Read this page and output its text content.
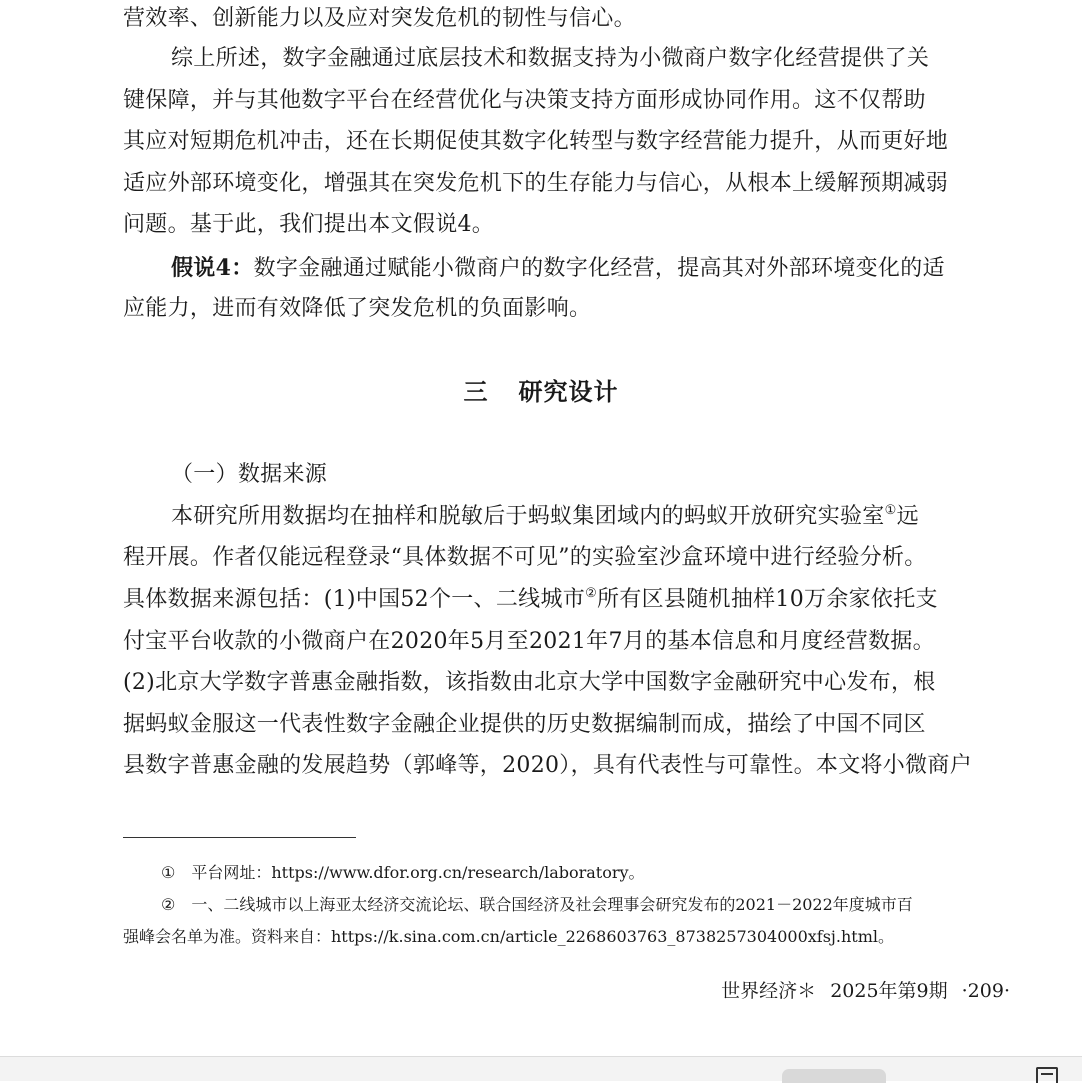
营效率、创新能力以及应对突发危机的韧性与信心。
综上所述，数字金融通过底层技术和数据支持为小微商户数字化经营提供了关
键保障，并与其他数字平台在经营优化与决策支持方面形成协同作用。这不仅帮助
其应对短期危机冲击，还在长期促使其数字化转型与数字经营能力提升，从而更好地
适应外部环境变化，增强其在突发危机下的生存能力与信心，从根本上缓解预期减弱
问题。基于此，我们提出本文假说4。
假说4：数字金融通过赋能小微商户的数字化经营，提高其对外部环境变化的适
应能力，进而有效降低了突发危机的负面影响。
三 研究设计
（一）数据来源
本研究所用数据均在抽样和脱敏后于蚂蚁集团域内的蚂蚁开放研究实验室①远
程开展。作者仅能远程登录“具体数据不可见”的实验室沙盒环境中进行经验分析。
具体数据来源包括：(1)中国52个一、二线城市②所有区县随机抽样10万余家依托支
付宝平台收款的小微商户在2020年5月至2021年7月的基本信息和月度经营数据。
(2)北京大学数字普惠金融指数，该指数由北京大学中国数字金融研究中心发布，根
据蚂蚁金服这一代表性数字金融企业提供的历史数据编制而成，描绘了中国不同区
县数字普惠金融的发展趋势（郭峰等，2020），具有代表性与可靠性。本文将小微商户
① 平台网址：https://www.dfor.org.cn/research/laboratory。
② 一、二线城市以上海亚太经济交流论坛、联合国经济及社会理事会研究发布的2021－2022年度城市百
强峰会名单为准。资料来自：https://k.sina.com.cn/article_2268603763_8738257304000xfsj.html。
世界经济＊ 2025年第9期 ·209·
